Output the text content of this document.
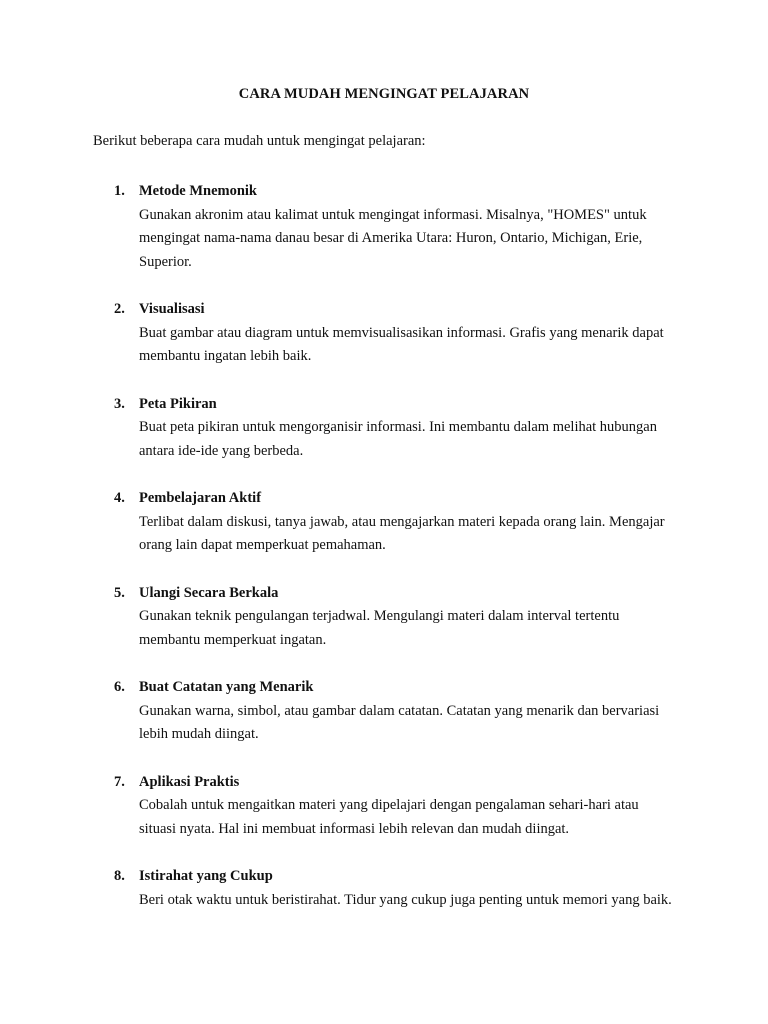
CARA MUDAH MENGINGAT PELAJARAN
Berikut beberapa cara mudah untuk mengingat pelajaran:
1. Metode Mnemonik
Gunakan akronim atau kalimat untuk mengingat informasi. Misalnya, "HOMES" untuk mengingat nama-nama danau besar di Amerika Utara: Huron, Ontario, Michigan, Erie, Superior.
2. Visualisasi
Buat gambar atau diagram untuk memvisualisasikan informasi. Grafis yang menarik dapat membantu ingatan lebih baik.
3. Peta Pikiran
Buat peta pikiran untuk mengorganisir informasi. Ini membantu dalam melihat hubungan antara ide-ide yang berbeda.
4. Pembelajaran Aktif
Terlibat dalam diskusi, tanya jawab, atau mengajarkan materi kepada orang lain. Mengajar orang lain dapat memperkuat pemahaman.
5. Ulangi Secara Berkala
Gunakan teknik pengulangan terjadwal. Mengulangi materi dalam interval tertentu membantu memperkuat ingatan.
6. Buat Catatan yang Menarik
Gunakan warna, simbol, atau gambar dalam catatan. Catatan yang menarik dan bervariasi lebih mudah diingat.
7. Aplikasi Praktis
Cobalah untuk mengaitkan materi yang dipelajari dengan pengalaman sehari-hari atau situasi nyata. Hal ini membuat informasi lebih relevan dan mudah diingat.
8. Istirahat yang Cukup
Beri otak waktu untuk beristirahat. Tidur yang cukup juga penting untuk memori yang baik.
